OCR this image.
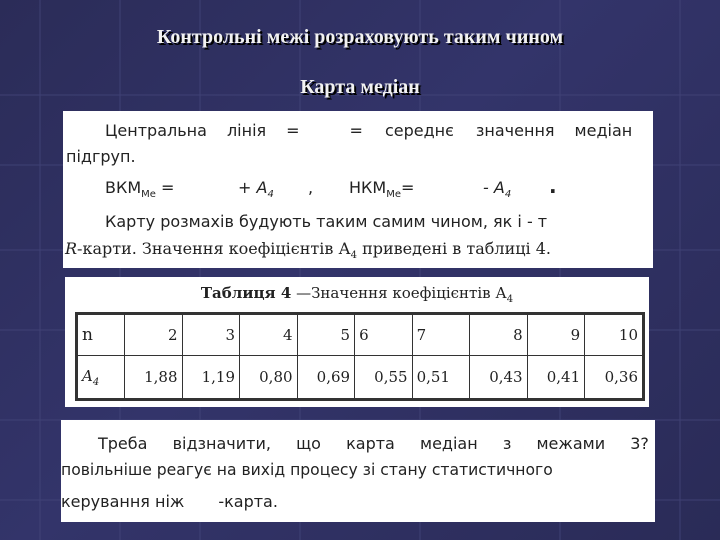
Контрольні межі розраховують таким чином
Карта медіан
Центральна лінія =	= середнє значення медіан
підгруп.
$ВКМ_{Me}$ =	+ $A_4$ , $НКМ_{Me}=$	- $A_4$ .
Карту розмахів будують таким самим чином, як і - т
R-карти. Значення коефіцієнтів $А_4$ приведені в таблиці 4.
Таблиця 4 —Значення коефіцієнтів $А_4$
n	2	3	4	5	6	7	8	9	10
$A_4$	1,88	1,19	0,80	0,69	0,55	0,51	0,43	0,41	0,36
Треба відзначити, що карта медіан з межами 3?
повільніше реагує на вихід процесу зі стану статистичного
керування ніж -карта.
